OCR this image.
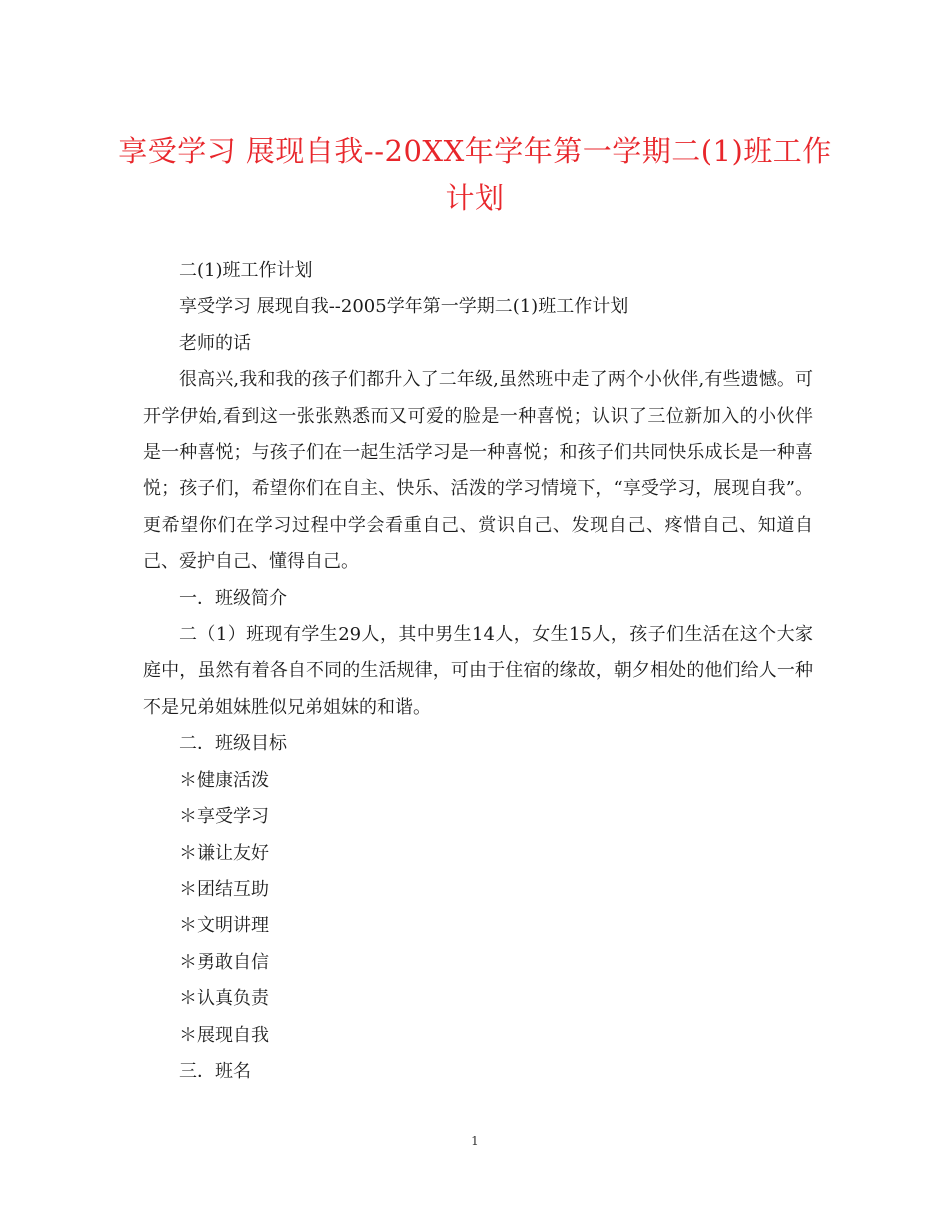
享受学习 展现自我--20XX年学年第一学期二(1)班工作计划

二(1)班工作计划

享受学习 展现自我--2005学年第一学期二(1)班工作计划

老师的话

很高兴,我和我的孩子们都升入了二年级,虽然班中走了两个小伙伴,有些遗憾。可开学伊始,看到这一张张熟悉而又可爱的脸是一种喜悦；认识了三位新加入的小伙伴是一种喜悦；与孩子们在一起生活学习是一种喜悦；和孩子们共同快乐成长是一种喜悦；孩子们，希望你们在自主、快乐、活泼的学习情境下，“享受学习，展现自我”。更希望你们在学习过程中学会看重自己、赏识自己、发现自己、疼惜自己、知道自己、爱护自己、懂得自己。

一．班级简介

二（1）班现有学生29人，其中男生14人，女生15人，孩子们生活在这个大家庭中，虽然有着各自不同的生活规律，可由于住宿的缘故，朝夕相处的他们给人一种不是兄弟姐妹胜似兄弟姐妹的和谐。

二．班级目标

＊健康活泼

＊享受学习

＊谦让友好

＊团结互助

＊文明讲理

＊勇敢自信

＊认真负责

＊展现自我

三．班名

1
